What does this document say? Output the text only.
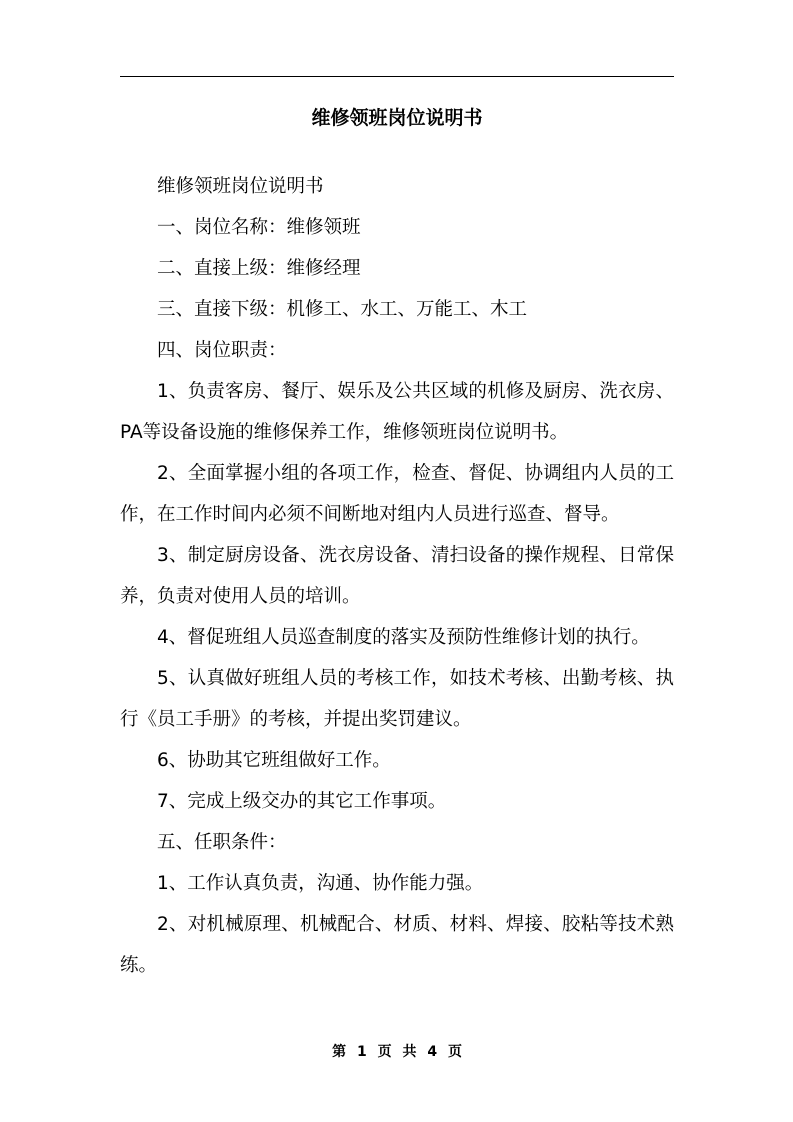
维修领班岗位说明书

维修领班岗位说明书

一、岗位名称：维修领班

二、直接上级：维修经理

三、直接下级：机修工、水工、万能工、木工

四、岗位职责：

1、负责客房、餐厅、娱乐及公共区域的机修及厨房、洗衣房、PA等设备设施的维修保养工作，维修领班岗位说明书。

2、全面掌握小组的各项工作，检查、督促、协调组内人员的工作，在工作时间内必须不间断地对组内人员进行巡查、督导。

3、制定厨房设备、洗衣房设备、清扫设备的操作规程、日常保养，负责对使用人员的培训。

4、督促班组人员巡查制度的落实及预防性维修计划的执行。

5、认真做好班组人员的考核工作，如技术考核、出勤考核、执行《员工手册》的考核，并提出奖罚建议。

6、协助其它班组做好工作。

7、完成上级交办的其它工作事项。

五、任职条件：

1、工作认真负责，沟通、协作能力强。

2、对机械原理、机械配合、材质、材料、焊接、胶粘等技术熟练。

第 1 页 共 4 页
